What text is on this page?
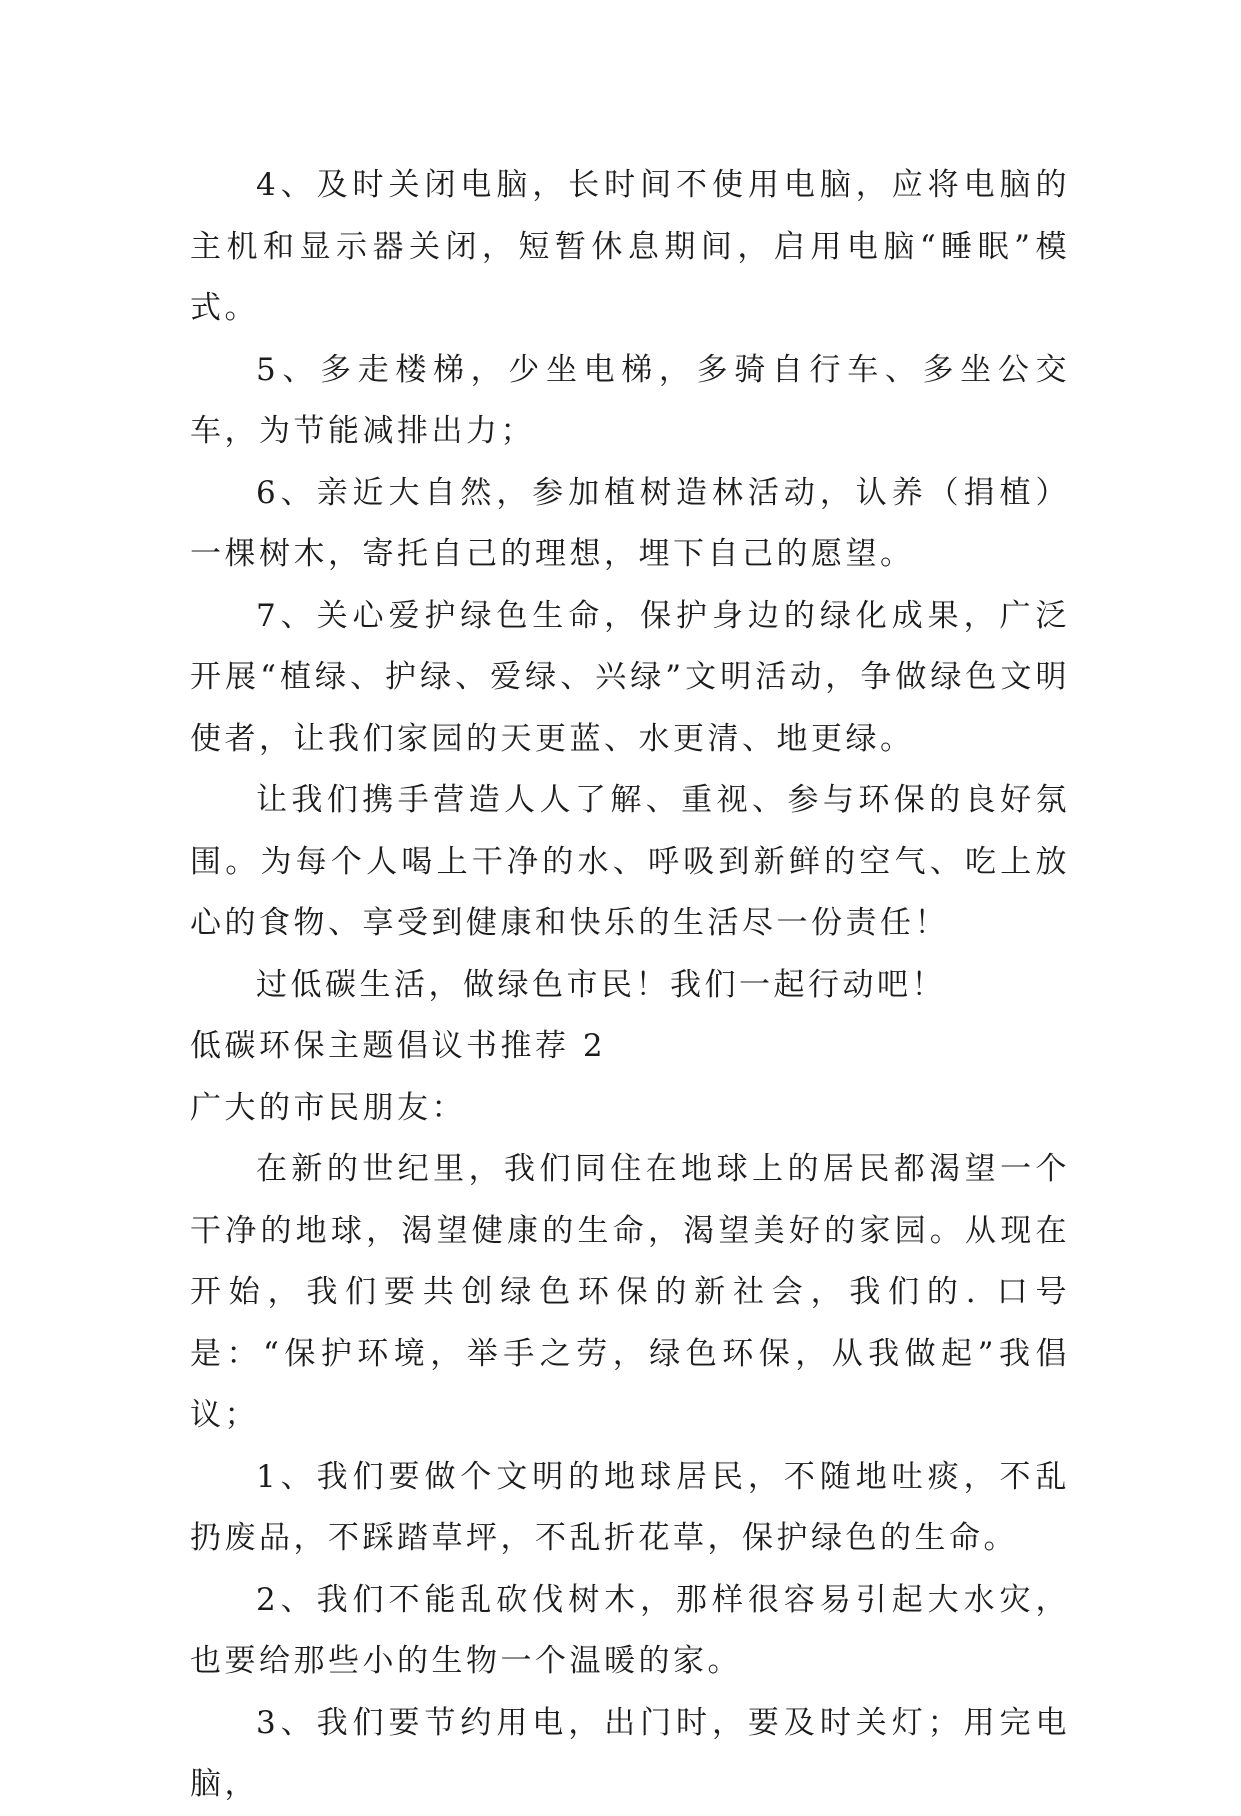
4、及时关闭电脑，长时间不使用电脑，应将电脑的主机和显示器关闭，短暂休息期间，启用电脑“睡眠”模式。

5、多走楼梯，少坐电梯，多骑自行车、多坐公交车，为节能减排出力；

6、亲近大自然，参加植树造林活动，认养（捐植）一棵树木，寄托自己的理想，埋下自己的愿望。

7、关心爱护绿色生命，保护身边的绿化成果，广泛开展“植绿、护绿、爱绿、兴绿”文明活动，争做绿色文明使者，让我们家园的天更蓝、水更清、地更绿。

让我们携手营造人人了解、重视、参与环保的良好氛围。为每个人喝上干净的水、呼吸到新鲜的空气、吃上放心的食物、享受到健康和快乐的生活尽一份责任！

过低碳生活，做绿色市民！我们一起行动吧！

低碳环保主题倡议书推荐 2

广大的市民朋友：

在新的世纪里，我们同住在地球上的居民都渴望一个干净的地球，渴望健康的生命，渴望美好的家园。从现在开始，我们要共创绿色环保的新社会，我们的. 口号是：“保护环境，举手之劳，绿色环保，从我做起”我倡议；

1、我们要做个文明的地球居民，不随地吐痰，不乱扔废品，不踩踏草坪，不乱折花草，保护绿色的生命。

2、我们不能乱砍伐树木，那样很容易引起大水灾，也要给那些小的生物一个温暖的家。

3、我们要节约用电，出门时，要及时关灯；用完电脑，
